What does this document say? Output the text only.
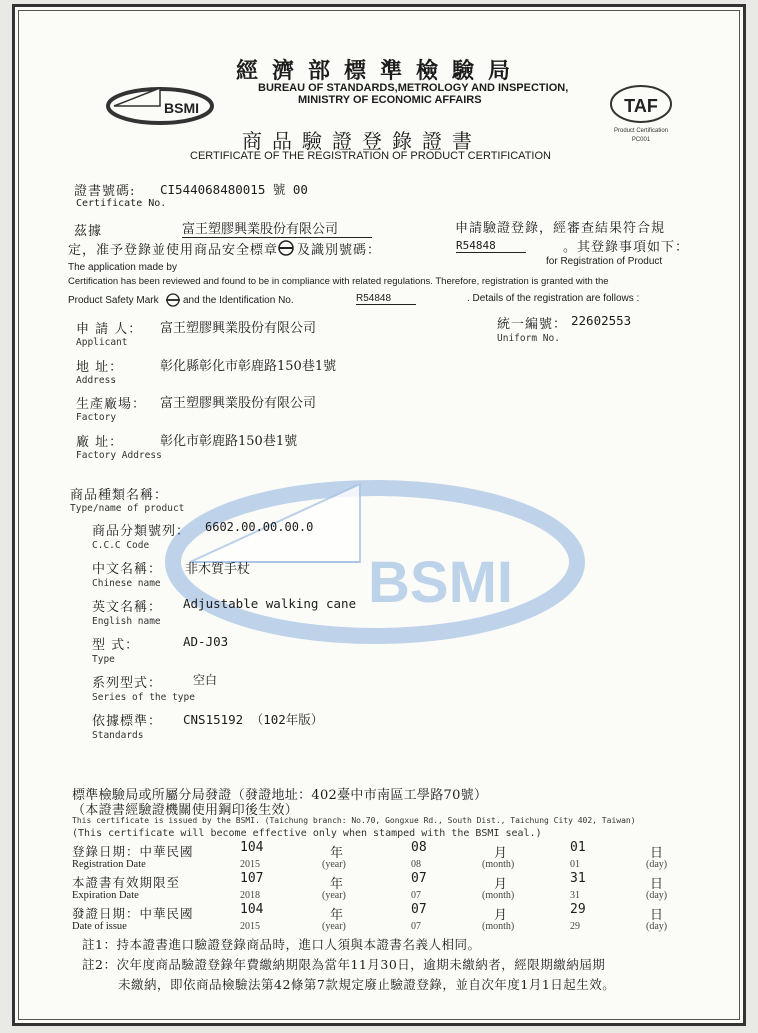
BSMI
BSMI	TAF
Product Certification
PC001
經濟部標準檢驗局
BUREAU OF STANDARDS,METROLOGY AND INSPECTION,
MINISTRY OF ECONOMIC AFFAIRS
商品驗證登錄證書
CERTIFICATE OF THE REGISTRATION OF PRODUCT CERTIFICATION
證書號碼: CI544068480015 號 00
Certificate No.
茲據	富王塑膠興業股份有限公司	申請驗證登錄，經審查結果符合規
定，准予登錄並使用商品安全標章 及識別號碼：	R54848	。其登錄事項如下：
for Registration of Product
The application made by
Certification has been reviewed and found to be in compliance with related regulations. Therefore, registration is granted with the
Product Safety Mark and the Identification No.	R54848	. Details of the registration are follows :
申 請 人： 富王塑膠興業股份有限公司
Applicant
統一編號： 22602553
Uniform No.
地 址：	彰化縣彰化市彰鹿路150巷1號
Address
生產廠場： 富王塑膠興業股份有限公司
Factory
廠 址：	彰化市彰鹿路150巷1號
Factory Address
商品種類名稱：
Type/name of product
商品分類號列： 6602.00.00.00.0
C.C.C Code
中文名稱： 非木質手杖
Chinese name
英文名稱： Adjustable walking cane
English name
型 式：	AD-J03
Type
系列型式：	空白
Series of the type
依據標準： CNS15192 （102年版）
Standards
標準檢驗局或所屬分局發證（發證地址：402臺中市南區工學路70號）
（本證書經驗證機關使用鋼印後生效）
This certificate is issued by the BSMI. (Taichung branch: No.70, Gongxue Rd., South Dist., Taichung City 402, Taiwan)
(This certificate will become effective only when stamped with the BSMI seal.)
登錄日期：中華民國	104	年	08	月	01	日
Registration Date	2015	(year)	08	(month)	01	(day)
本證書有效期限至	107	年	07	月	31	日
Expiration Date	2018	(year)	07	(month)	31	(day)
發證日期：中華民國	104	年	07	月	29	日
Date of issue	2015	(year)	07	(month)	29	(day)
註1：持本證書進口驗證登錄商品時，進口人須與本證書名義人相同。
註2：次年度商品驗證登錄年費繳納期限為當年11月30日，逾期未繳納者，經限期繳納屆期
未繳納，即依商品檢驗法第42條第7款規定廢止驗證登錄，並自次年度1月1日起生效。
